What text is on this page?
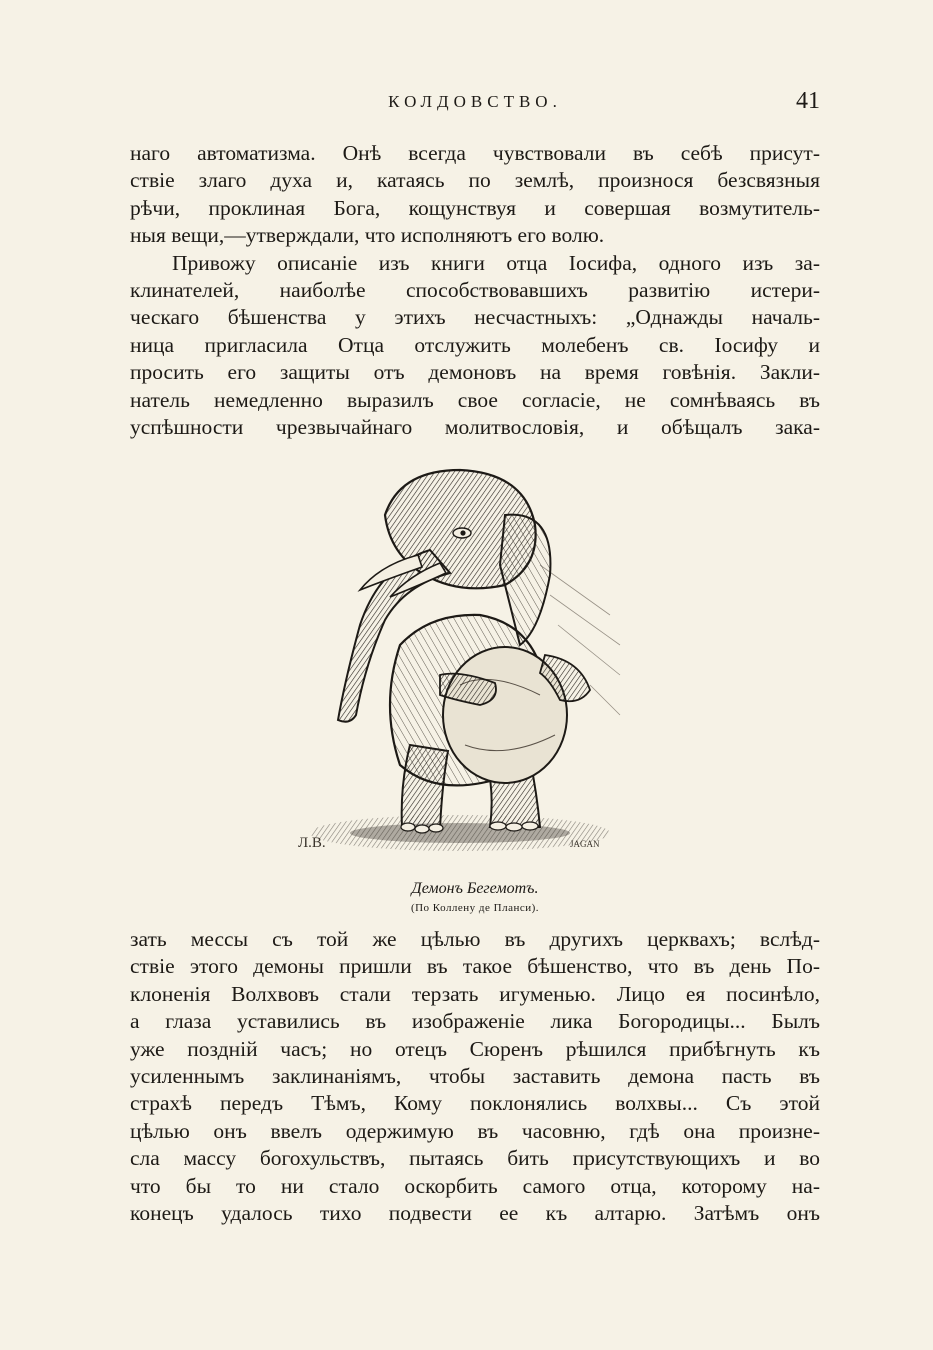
КОЛДОВСТВО.	41
наго автоматизма. Онѣ всегда чувствовали въ себѣ присут-
ствіе злаго духа и, катаясь по землѣ, произнося безсвязныя
рѣчи, проклиная Бога, кощунствуя и совершая возмутитель-
ныя вещи,—утверждали, что исполняютъ его волю.
Привожу описаніе изъ книги отца Іосифа, одного изъ за-
клинателей, наиболѣе способствовавшихъ развитію истери-
ческаго бѣшенства у этихъ несчастныхъ: „Однажды началь-
ница пригласила Отца отслужить молебенъ св. Іосифу и
просить его защиты отъ демоновъ на время говѣнія. Закли-
натель немедленно выразилъ свое согласіе, не сомнѣваясь въ
успѣшности чрезвычайнаго молитвословія, и обѣщалъ зака-
Л.В.	JAGAN
Демонъ Бегемотъ.
(По Коллену де Планси).
зать мессы съ той же цѣлью въ другихъ церквахъ; вслѣд-
ствіе этого демоны пришли въ такое бѣшенство, что въ день По-
клоненія Волхвовъ стали терзать игуменью. Лицо ея посинѣло,
а глаза уставились въ изображеніе лика Богородицы... Былъ
уже поздній часъ; но отецъ Сюренъ рѣшился прибѣгнуть къ
усиленнымъ заклинаніямъ, чтобы заставить демона пасть въ
страхѣ передъ Тѣмъ, Кому поклонялись волхвы... Съ этой
цѣлью онъ ввелъ одержимую въ часовню, гдѣ она произне-
сла массу богохульствъ, пытаясь бить присутствующихъ и во
что бы то ни стало оскорбить самого отца, которому на-
конецъ удалось тихо подвести ее къ алтарю. Затѣмъ онъ
